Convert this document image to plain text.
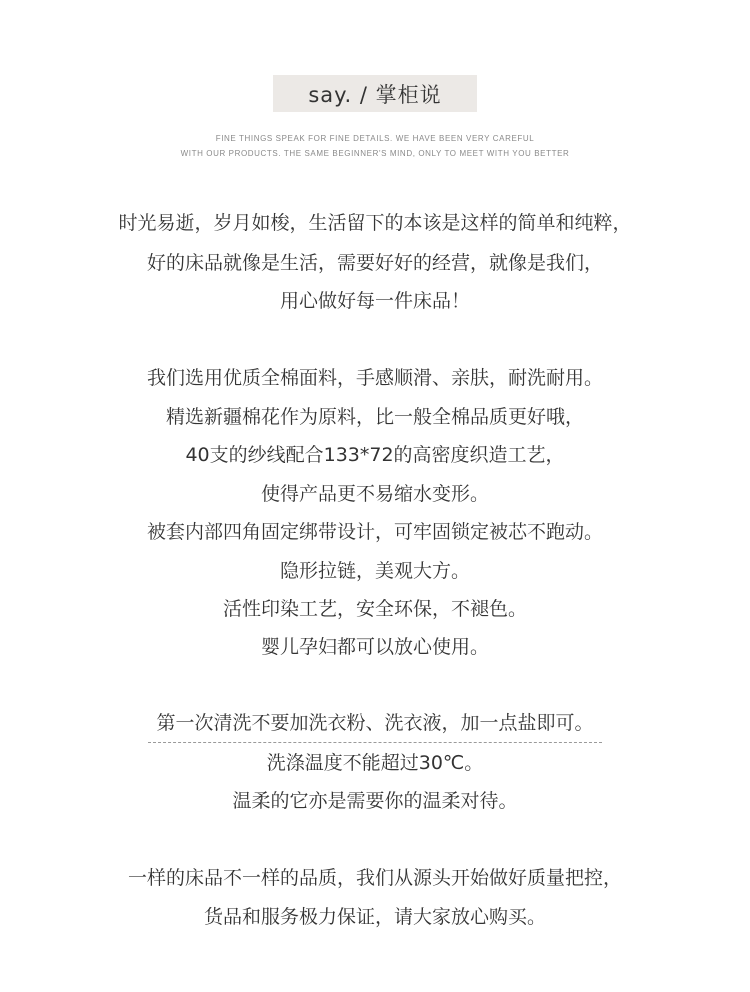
say. / 掌柜说
FINE THINGS SPEAK FOR FINE DETAILS. WE HAVE BEEN VERY CAREFUL
WITH OUR PRODUCTS. THE SAME BEGINNER'S MIND, ONLY TO MEET WITH YOU BETTER
时光易逝，岁月如梭，生活留下的本该是这样的简单和纯粹，
好的床品就像是生活，需要好好的经营，就像是我们，
用心做好每一件床品！
我们选用优质全棉面料，手感顺滑、亲肤，耐洗耐用。
精选新疆棉花作为原料，比一般全棉品质更好哦，
40支的纱线配合133*72的高密度织造工艺，
使得产品更不易缩水变形。
被套内部四角固定绑带设计，可牢固锁定被芯不跑动。
隐形拉链，美观大方。
活性印染工艺，安全环保，不褪色。
婴儿孕妇都可以放心使用。
第一次清洗不要加洗衣粉、洗衣液，加一点盐即可。
洗涤温度不能超过30℃。
温柔的它亦是需要你的温柔对待。
一样的床品不一样的品质，我们从源头开始做好质量把控，
货品和服务极力保证，请大家放心购买。
